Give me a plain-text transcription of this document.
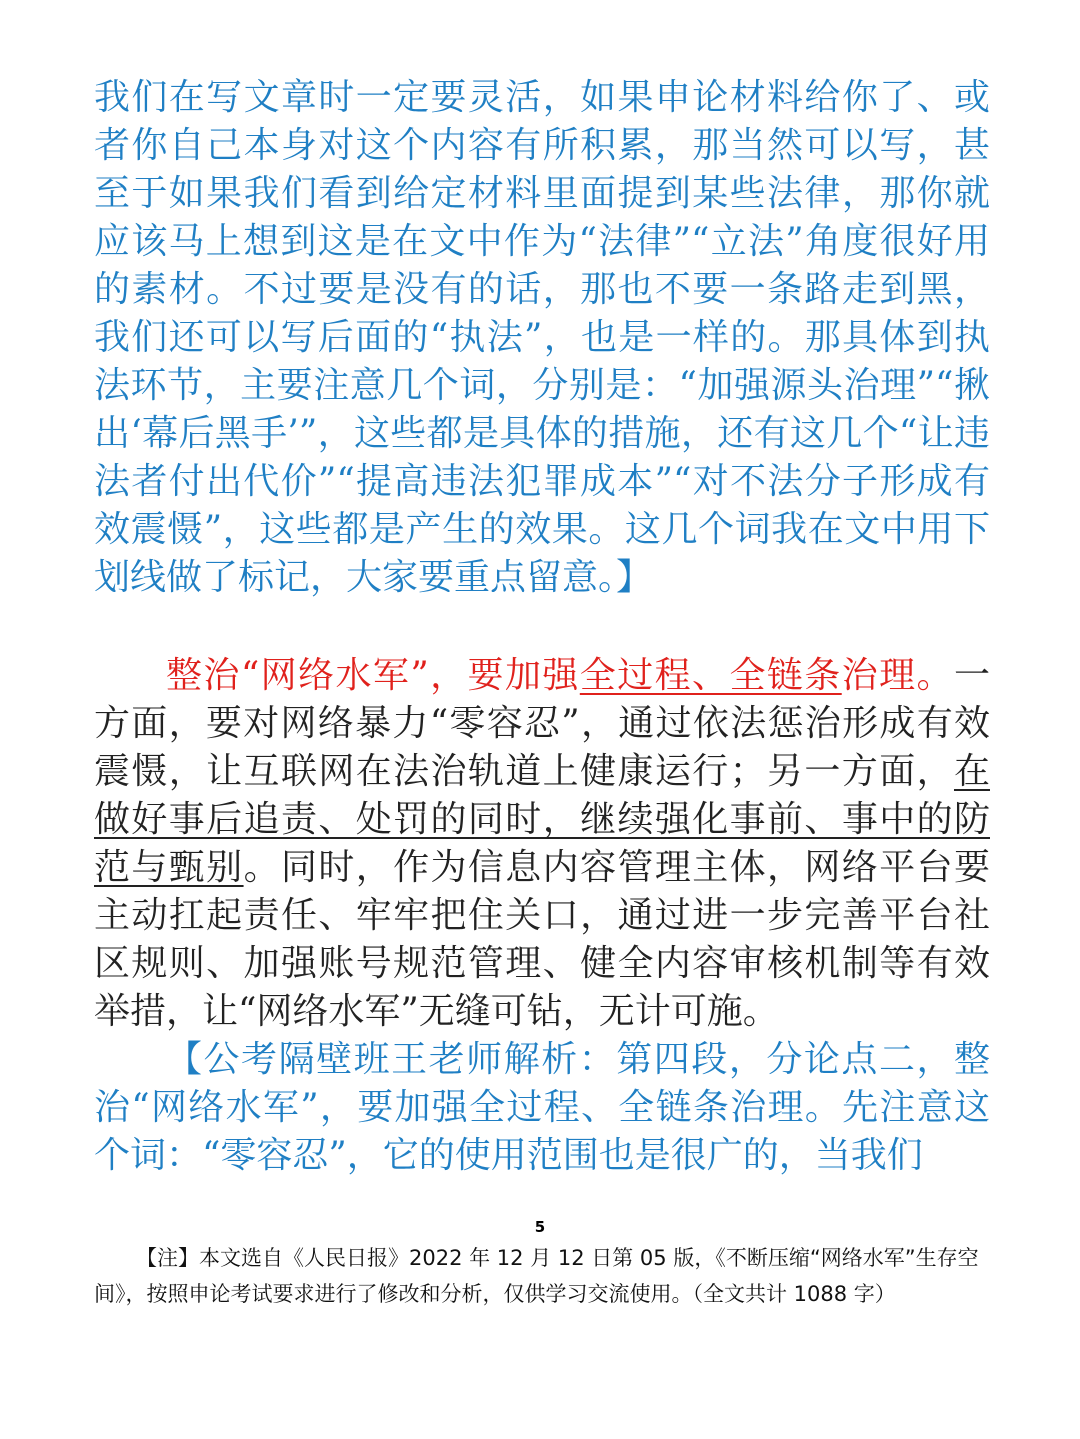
我们在写文章时一定要灵活，如果申论材料给你了、或者你自己本身对这个内容有所积累，那当然可以写，甚至于如果我们看到给定材料里面提到某些法律，那你就应该马上想到这是在文中作为“法律”“立法”角度很好用的素材。不过要是没有的话，那也不要一条路走到黑，我们还可以写后面的“执法”，也是一样的。那具体到执法环节，主要注意几个词，分别是：“加强源头治理”“揪出‘幕后黑手’”，这些都是具体的措施，还有这几个“让违法者付出代价”“提高违法犯罪成本”“对不法分子形成有效震慑”，这些都是产生的效果。这几个词我在文中用下划线做了标记，大家要重点留意。】

整治“网络水军”，要加强全过程、全链条治理。一方面，要对网络暴力“零容忍”，通过依法惩治形成有效震慑，让互联网在法治轨道上健康运行；另一方面，在做好事后追责、处罚的同时，继续强化事前、事中的防范与甄别。同时，作为信息内容管理主体，网络平台要主动扛起责任、牢牢把住关口，通过进一步完善平台社区规则、加强账号规范管理、健全内容审核机制等有效举措，让“网络水军”无缝可钻，无计可施。

【公考隔壁班王老师解析：第四段，分论点二，整治“网络水军”，要加强全过程、全链条治理。先注意这个词：“零容忍”，它的使用范围也是很广的，当我们

5

【注】本文选自《人民日报》2022 年 12 月 12 日第 05 版，《不断压缩“网络水军”生存空间》，按照申论考试要求进行了修改和分析，仅供学习交流使用。（全文共计 1088 字）
